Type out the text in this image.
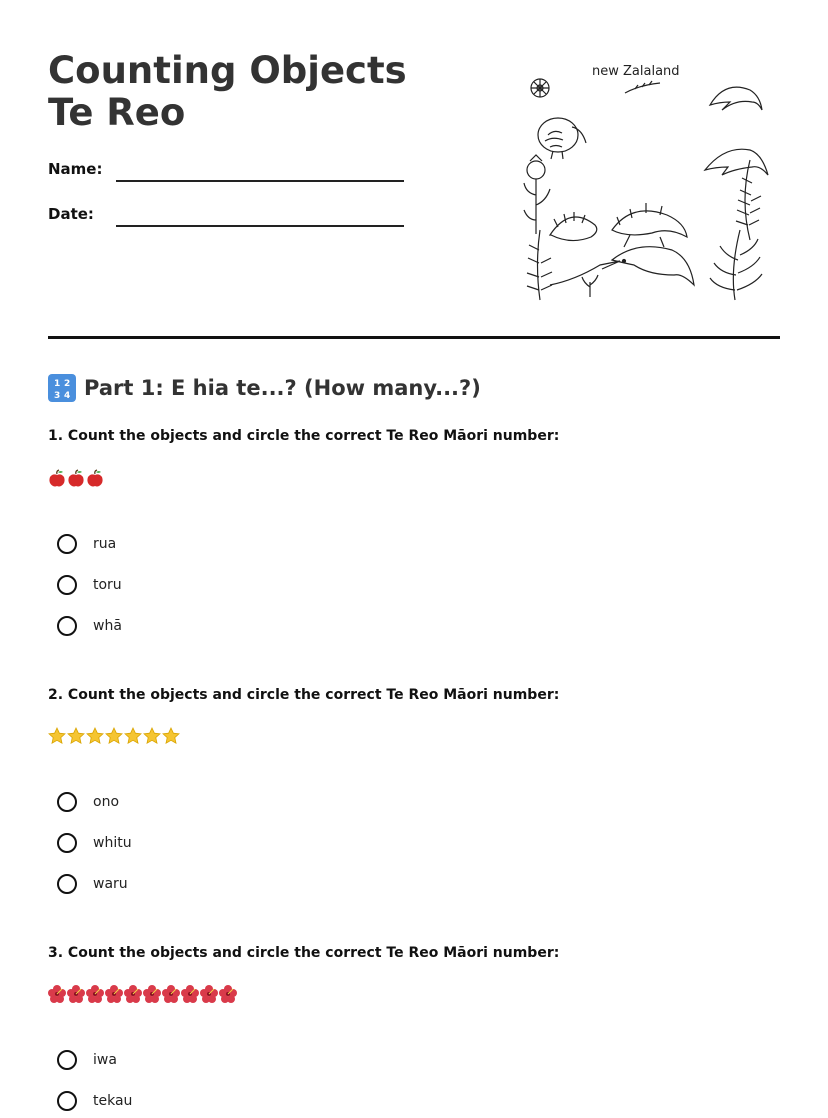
Counting Objects Te Reo
Name:
Date:
new Zalaland
1 2
3 4 Part 1: E hia te...? (How many...?)

1. Count the objects and circle the correct Te Reo Māori number:

rua
toru
whā

2. Count the objects and circle the correct Te Reo Māori number:

ono
whitu
waru

3. Count the objects and circle the correct Te Reo Māori number:

iwa
tekau
